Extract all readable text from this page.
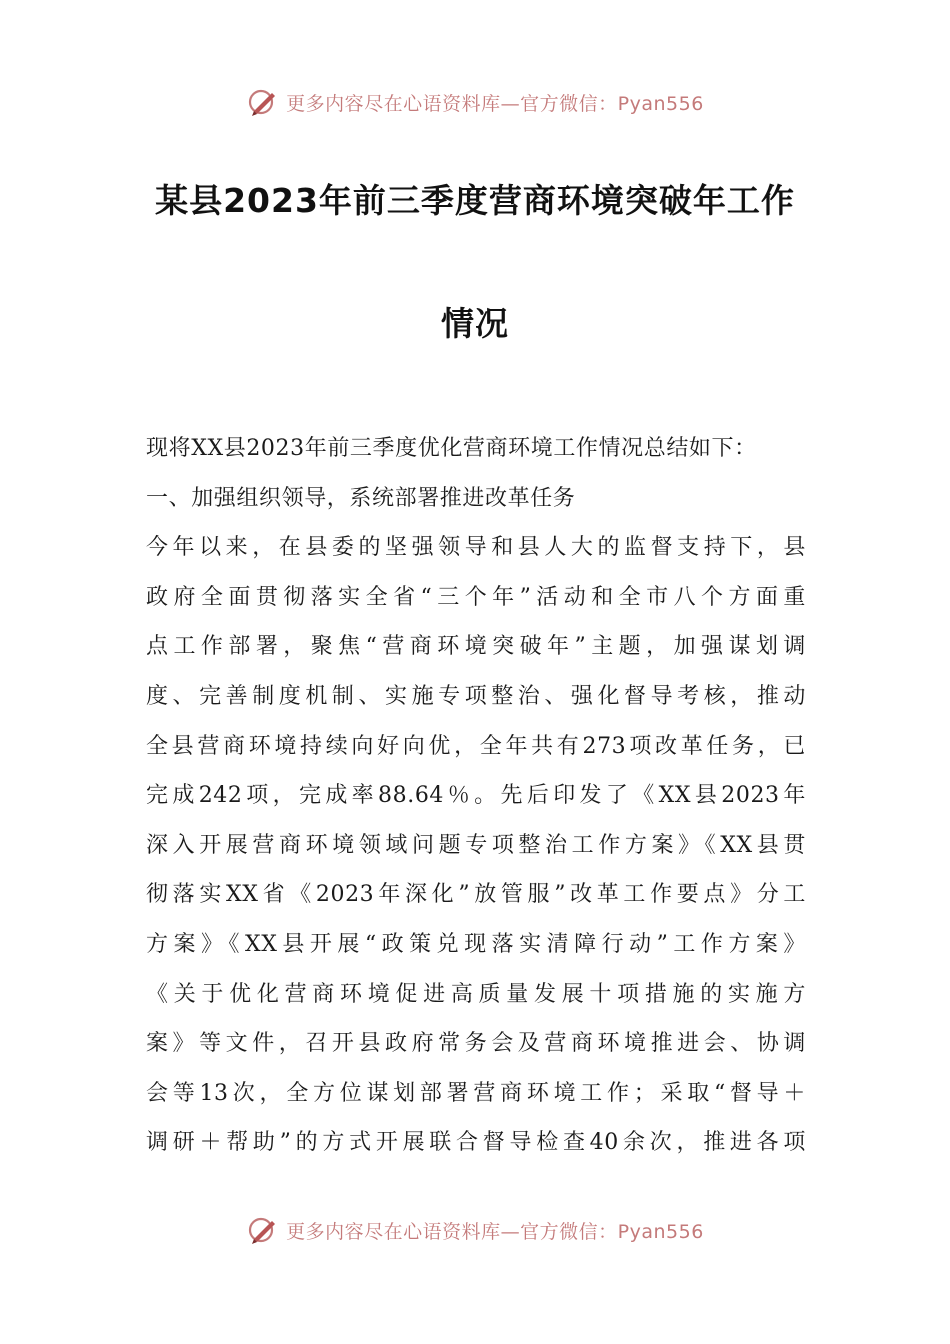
更多内容尽在心语资料库—官方微信：Pyan556
某县2023年前三季度营商环境突破年工作
情况
现将XX县2023年前三季度优化营商环境工作情况总结如下：
一、加强组织领导，系统部署推进改革任务
今年以来，在县委的坚强领导和县人大的监督支持下，县
政府全面贯彻落实全省“三个年”活动和全市八个方面重
点工作部署，聚焦“营商环境突破年”主题，加强谋划调
度、完善制度机制、实施专项整治、强化督导考核，推动
全县营商环境持续向好向优，全年共有273项改革任务，已
完成242项，完成率88.64％。先后印发了《XX县2023年
深入开展营商环境领域问题专项整治工作方案》《XX县贯
彻落实XX省《2023年深化”放管服”改革工作要点》分工
方案》《XX县开展“政策兑现落实清障行动”工作方案》
《关于优化营商环境促进高质量发展十项措施的实施方
案》等文件，召开县政府常务会及营商环境推进会、协调
会等13次，全方位谋划部署营商环境工作；采取“督导＋
调研＋帮助”的方式开展联合督导检查40余次，推进各项
更多内容尽在心语资料库—官方微信：Pyan556
